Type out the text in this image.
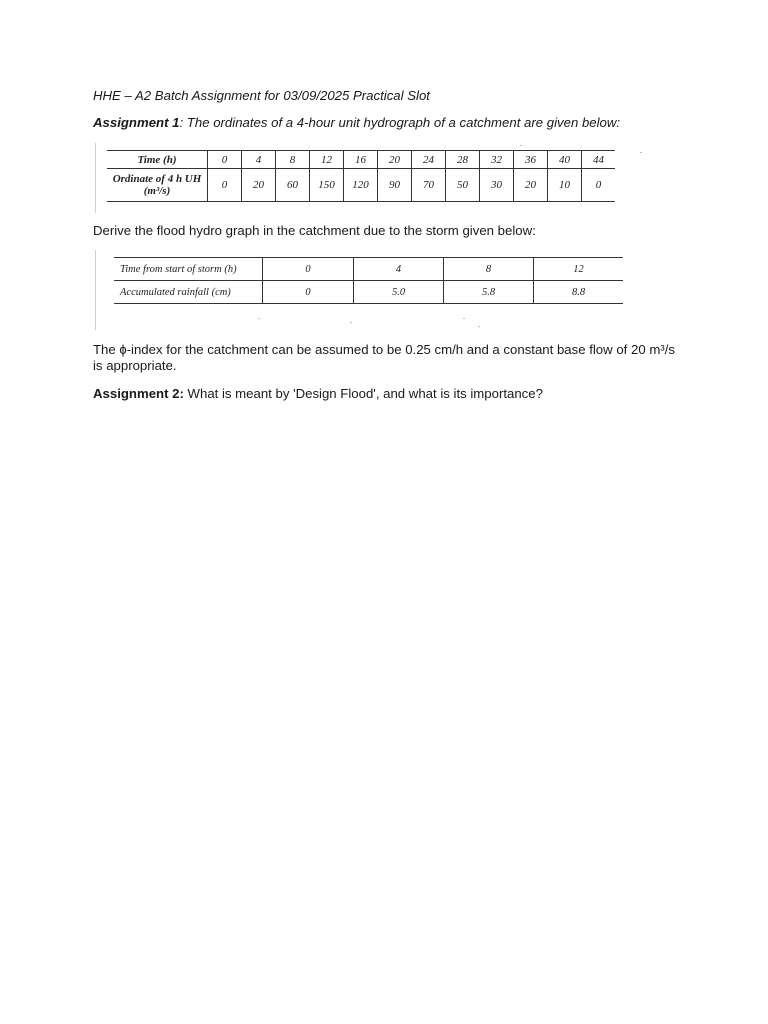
HHE – A2 Batch Assignment for 03/09/2025 Practical Slot
Assignment 1: The ordinates of a 4-hour unit hydrograph of a catchment are given below:
Time (h)	0	4	8	12	16	20	24	28	32	36	40	44

Ordinate of 4 h UH
(m³/s)	0	20	60	150	120	90	70	50	30	20	10	0
Derive the flood hydro graph in the catchment due to the storm given below:
Time from start of storm (h)	0	4	8	12
Accumulated rainfall (cm)	0	5.0	5.8	8.8
The ɸ-index for the catchment can be assumed to be 0.25 cm/h and a constant base flow of 20 m³/s
is appropriate.
Assignment 2: What is meant by 'Design Flood', and what is its importance?
